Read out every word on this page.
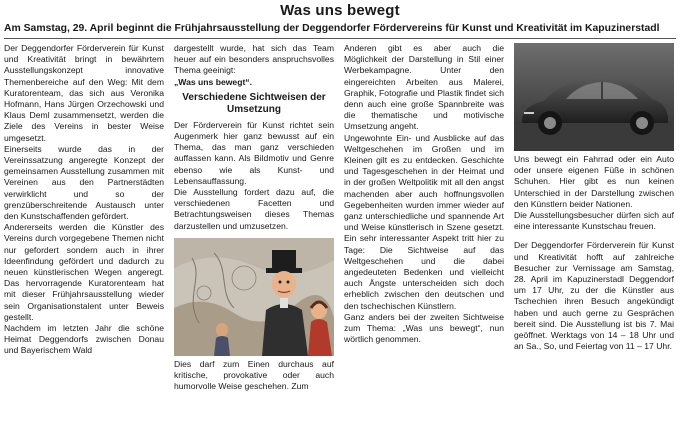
Was uns bewegt
Am Samstag, 29. April beginnt die Frühjahrsausstellung der Deggendorfer Fördervereins für Kunst und Kreativität im Kapuzinerstadl

Der Deggendorfer Förderverein für Kunst und Kreativität bringt in bewährtem Ausstellungskonzept innovative Themenbereiche auf den Weg: Mit dem Kuratorenteam, das sich aus Veronika Hofmann, Hans Jürgen Orzechowski und Klaus Deml zusammensetzt, werden die Ziele des Vereins in bester Weise umgesetzt.

Einerseits wurde das in der Vereinssatzung angeregte Konzept der gemeinsamen Ausstellung zusammen mit Vereinen aus den Partnerstädten verwirklicht und so der grenzüberschreitende Austausch unter den Kunstschaffenden gefördert.

Andererseits werden die Künstler des Vereins durch vorgegebene Themen nicht nur gefordert sondern auch in ihrer Ideenfindung gefördert und dadurch zu neuen künstlerischen Wegen angeregt. Das hervorragende Kuratorenteam hat mit dieser Frühjahrsausstellung wieder sein Organisationstalent unter Beweis gestellt.

Nachdem im letzten Jahr die schöne Heimat Deggendorfs zwischen Donau und Bayerischem Wald

dargestellt wurde, hat sich das Team heuer auf ein besonders anspruchsvolles Thema geeinigt:

„Was uns bewegt“.

Verschiedene Sichtweisen der Umsetzung

Der Förderverein für Kunst richtet sein Augenmerk hier ganz bewusst auf ein Thema, das man ganz verschieden auffassen kann. Als Bildmotiv und Genre ebenso wie als Kunst- und Lebensauffassung.

Die Ausstellung fordert dazu auf, die verschiedenen Facetten und Betrachtungsweisen dieses Themas darzustellen und umzusetzen.

Dies darf zum Einen durchaus auf kritische, provokative oder auch humorvolle Weise geschehen. Zum

Anderen gibt es aber auch die Möglichkeit der Darstellung in Stil einer Werbekampagne. Unter den eingereichten Arbeiten aus Malerei, Graphik, Fotografie und Plastik findet sich denn auch eine große Spannbreite was die thematische und motivische Umsetzung angeht.

Ungewohnte Ein- und Ausblicke auf das Weltgeschehen im Großen und im Kleinen gilt es zu entdecken. Geschichte und Tagesgeschehen in der Heimat und in der großen Weltpolitik mit all den angst machenden aber auch hoffnungsvollen Gegebenheiten wurden immer wieder auf ganz unterschiedliche und spannende Art und Weise künstlerisch in Szene gesetzt. Ein sehr interessanter Aspekt tritt hier zu Tage: Die Sichtweise auf das Weltgeschehen und die dabei angedeuteten Bedenken und vielleicht auch Ängste unterscheiden sich doch erheblich zwischen den deutschen und den tschechischen Künstlern.

Ganz anders bei der zweiten Sichtweise zum Thema: „Was uns bewegt“, nun wörtlich genommen.

Uns bewegt ein Fahrrad oder ein Auto oder unsere eigenen Füße in schönen Schuhen. Hier gibt es nun keinen Unterschied in der Darstellung zwischen den Künstlern beider Nationen.

Die Ausstellungsbesucher dürfen sich auf eine interessante Kunstschau freuen.

Der Deggendorfer Förderverein für Kunst und Kreativität hofft auf zahlreiche Besucher zur Vernissage am Samstag, 28. April im Kapuzinerstadl Deggendorf um 17 Uhr, zu der die Künstler aus Tschechien ihren Besuch angekündigt haben und auch gerne zu Gesprächen bereit sind. Die Ausstellung ist bis 7. Mai geöffnet. Werktags von 14 – 18 Uhr und an Sa., So, und Feiertag von 11 – 17 Uhr.
